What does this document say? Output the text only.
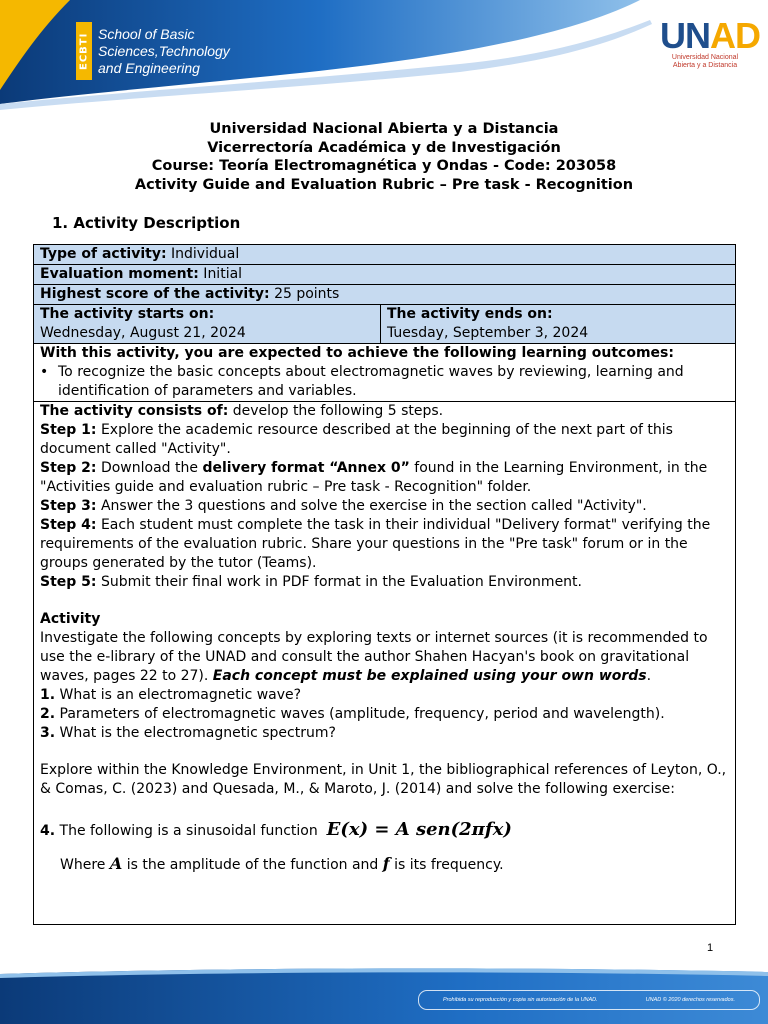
ECBTI School of Basic
Sciences,Technology
and Engineering
UNAD
Universidad Nacional
Abierta y a Distancia
Universidad Nacional Abierta y a Distancia
Vicerrectoría Académica y de Investigación
Course: Teoría Electromagnética y Ondas - Code: 203058
Activity Guide and Evaluation Rubric – Pre task - Recognition
1. Activity Description
Type of activity: Individual
Evaluation moment: Initial
Highest score of the activity: 25 points

The activity starts on:
Wednesday, August 21, 2024

The activity ends on:
Tuesday, September 3, 2024

With this activity, you are expected to achieve the following learning outcomes:
• To recognize the basic concepts about electromagnetic waves by reviewing, learning and identification of parameters and variables.

The activity consists of: develop the following 5 steps.

Step 1: Explore the academic resource described at the beginning of the next part of this document called "Activity".

Step 2: Download the delivery format “Annex 0” found in the Learning Environment, in the "Activities guide and evaluation rubric – Pre task - Recognition" folder.

Step 3: Answer the 3 questions and solve the exercise in the section called "Activity".

Step 4: Each student must complete the task in their individual "Delivery format" verifying the requirements of the evaluation rubric. Share your questions in the "Pre task" forum or in the groups generated by the tutor (Teams).

Step 5: Submit their final work in PDF format in the Evaluation Environment.

Activity

Investigate the following concepts by exploring texts or internet sources (it is recommended to use the e-library of the UNAD and consult the author Shahen Hacyan's book on gravitational waves, pages 22 to 27). Each concept must be explained using your own words.

1. What is an electromagnetic wave?

2. Parameters of electromagnetic waves (amplitude, frequency, period and wavelength).

3. What is the electromagnetic spectrum?

Explore within the Knowledge Environment, in Unit 1, the bibliographical references of Leyton, O., & Comas, C. (2023) and Quesada, M., & Maroto, J. (2014) and solve the following exercise:

4. The following is a sinusoidal function E(x) = A sen(2πfx)

Where A is the amplitude of the function and f is its frequency.

1
Prohibida su reproducción y copia sin autorización de la UNAD.	UNAD © 2020 derechos reservados.
